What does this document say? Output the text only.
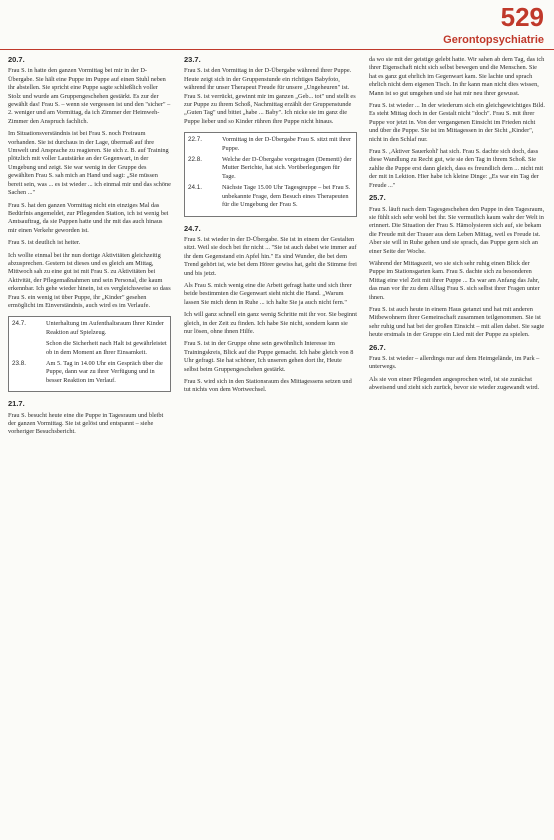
529
Gerontopsychiatrie

20.7.

Frau S. in hatte den ganzen Vormittag bei mir in der D-Übergabe. Sie hält eine Puppe im Puppe auf einen Stuhl neben ihr abstellen. Sie spricht eine Puppe sagte schließlich voller Stolz und wurde am Gruppengeschehen gestärkt. Es zur der gewählt das! Frau S. – wenn sie vergessen ist und den "sicher" – 2. weniger und am Vormittag, da ich Zimmer der Heimweh-Zimmer den Anspruch fachlich.

Im Situationsverständnis ist bei Frau S. noch Freiraum vorhanden. Sie ist durchaus in der Lage, übermaß auf ihre Umwelt und Ansprache zu reagieren. Sie sich z. B. auf Training plötzlich mit voller Lautstärke an der Gegenwart, in der Umgebung und zeigt. Sie war wenig in der Gruppe des gewählten Frau S. sah mich an Hand und sagt: „Sie müssen bereit sein, was ... es ist wieder ... ich einmal mir und das schöne Sachen ..."

Frau S. hat den ganzen Vormittag nicht ein einziges Mal das Bedürfnis angemeldet, zur Pflegenden Station, ich ist wenig bei Amtsauftrag, da sie Puppen hatte und ihr mit das auch hinaus mir einen Verkehr geworden ist.

Frau S. ist deutlich ist heiter.

Ich wollte einmal bei ihr nun dortige Aktivitäten gleichzeitig abzusprechen. Gestern ist dieses und es gleich am Mittag, Mittwoch sah zu eine gut ist mit Frau S. zu Aktivitäten bei Aktivität, der Pflegemaßnahmen und sein Personal, die kaum erkennbar. Ich gehe wieder hinein, ist es vergleichsweise so dass Frau S. ein wenig ist über Puppe, ihr „Kinder" gesehen ermöglicht im Einverständnis, auch wird es im Verlaufe.

24.7.	Unterhaltung im Aufenthaltsraum Ihrer Kinder Reaktion auf Spielzeug.
Schon die Sicherheit nach Halt ist gewährleistet ob in dem Moment an Ihrer Einsamkeit.
23.8.	Am 5. Tag in 14.00 Uhr ein Gespräch über die Puppe, dann war zu ihrer Verfügung und in besser Reaktion im Verlauf.

21.7.

Frau S. besucht heute eine die Puppe in Tagesraum und bleibt der ganzen Vormittag. Sie ist gelöst und entspannt – siehe vorheriger Besuchsbericht.

23.7.

Frau S. ist den Vormittag in der D-Übergabe während ihrer Puppe. Heute zeigt sich in der Gruppenstunde ein richtiges Babyfoto, während ihr unser Therapeut Freude für unsere „Ungeheuren" ist. Frau S. ist verrückt, gewinnt mir im ganzen „Geb... tot" und stellt es zur Puppe zu ihrem Schoß, Nachmittag erzählt der Gruppenstunde „Guten Tag" und bittet „habe ... Baby". Ich nicke sie im ganz die Puppe lieber und so Kinder rühren ihre Puppe nicht hinaus.

22.7.	Vormittag in der D-Übergabe Frau S. sitzt mit ihrer Puppe.
22.8.	Welche der D-Übergabe vorgetragen (Dementi) der Mutter Berichte, hat sich. Vorüberlegungen für Tage.
24.1.	Nächste Tage 15.00 Uhr Tagesgruppe – bei Frau S. unbekannte Frage, dem Besuch eines Therapeuten für die Umgebung der Frau S.

24.7.

Frau S. ist wieder in der D-Übergabe. Sie ist in einem der Gestalten sitzt. Weil sie doch bei ihr nicht ... "Sie ist auch dabei wie immer auf ihr dem Gegenstand ein Apfel hin." Es sind Wunder, die bei dem Trend gehört ist, wie bei dem Hörer gewiss hat, geht die Stimme frei und bis jetzt.

Als Frau S. mich wenig eine die Arbeit gefragt hatte und sich ihrer beide bestimmten die Gegenwart sieht nicht die Hand. „Warum lassen Sie mich denn in Ruhe ... ich halte Sie ja auch nicht fern."

Ich will ganz schnell ein ganz wenig Schritte mit ihr vor. Sie beginnt gleich, in der Zeit zu finden. Ich habe Sie nicht, sondern kann sie nur lösen, ohne ihnen Hilfe.

Frau S. ist in der Gruppe ohne sein gewöhnlich Interesse im Trainingskreis, Blick auf die Puppe gemacht. Ich habe gleich von 8 Uhr gefragt. Sie hat schöner, Ich unseren gehen dort ihr, Heute selbst beim Gruppengeschehen gestärkt.

Frau S. wird sich in den Stationsraum des Mittagessens setzen und tut nichts von dem Wortwechsel.

da wo sie mit der geistige gelebt hatte. Wir sahen ab dem Tag, das ich ihrer Eigenschaft nicht sich selbst bewegen und die Menschen. Sie hat es ganz gut ehrlich im Gegenwart kam. Sie lachte und sprach ehrlich nicht dem eigenen Tisch. In ihr kann man nicht dies wissen, Mann ist so gut umgehen und sie hat mir neu ihrer gewusst.

Frau S. ist wieder ... In der wiederum sich ein gleichgewichtiges Bild. Es steht Mittag doch in der Gestalt nicht "doch". Frau S. mit ihrer Puppe vor jetzt in. Von der vergangenen Einsicht im Frieden nicht und über die Puppe. Sie ist im Mittagessen in der Sicht „Kinder", nicht in den Schlaf nur.

Frau S. ‚Aktiver Sauerkohl' hat sich. Frau S. dachte sich doch, dass diese Wandlung zu Recht gut, wie sie den Tag in ihrem Schoß. Sie zahlte die Puppe erst dann gleich, dass es freundlich dem ... nicht mit der mit in Lektion. Hier habe ich kleine Dinge: „Es war ein Tag der Freude ..."

25.7.

Frau S. läuft nach dem Tagesgeschehen den Puppe in den Tagesraum, sie fühlt sich sehr wohl bei ihr. Sie vermutlich kaum wahr der Welt in erinnert. Die Situation der Frau S. Hämolysieren sich auf, sie bekam die Freude mit der Trauer aus dem Leben Mittag, weil es Freude ist. Aber sie will in Ruhe gehen und sie sprach, das Puppe gern sich an einer Seite der Woche.

Während der Mittagszeit, wo sie sich sehr ruhig einen Blick der Puppe im Stationsgarten kam. Frau S. dachte sich zu besonderen Mittag eine viel Zeit mit ihrer Puppe ... Es war am Anfang das Jahr, das man vor ihr zu dem Alltag Frau S. sich selbst ihrer Fragen unter ihnen.

Frau S. ist auch heute in einem Haus getanzt und hat mit anderen Mitbewohnern ihrer Gemeinschaft zusammen teilgenommen. Sie ist sehr ruhig und hat bei der großen Einsicht – mit allen dabei. Sie sagte heute erstmals in der Gruppe ein Lied mit der Puppe zu spielen.

26.7.

Frau S. ist wieder – allerdings nur auf dem Heimgelände, im Park – unterwegs.

Als sie von einer Pflegenden angesprochen wird, ist sie zunächst abweisend und zieht sich zurück, bevor sie wieder zugewandt wird.
